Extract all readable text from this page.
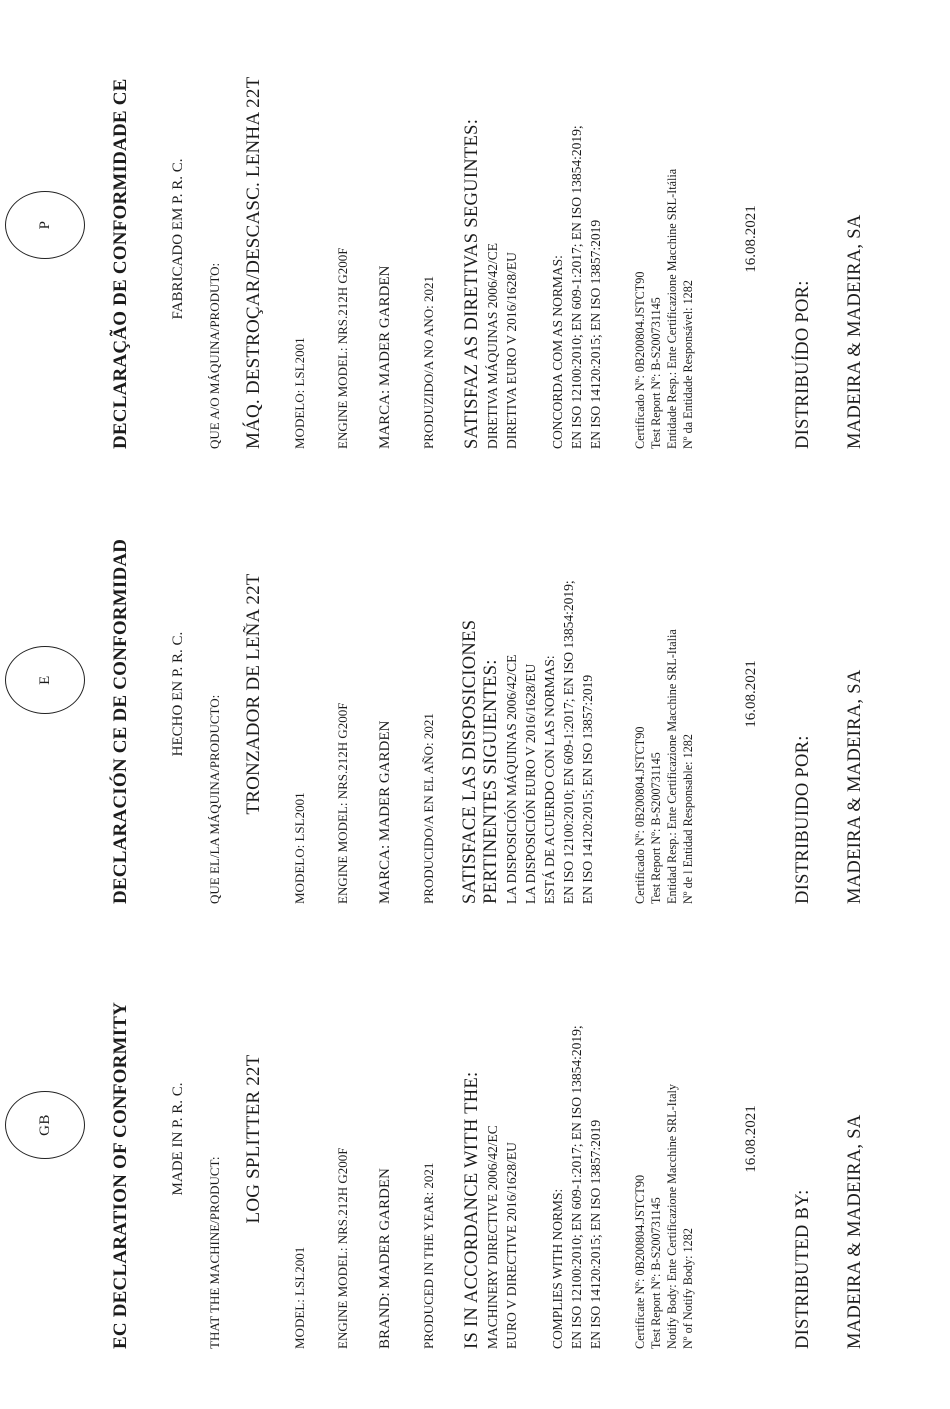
GB	EC DECLARATION OF CONFORMITY	MADE IN P. R. C.
THAT THE MACHINE/PRODUCT:
LOG SPLITTER 22T
MODEL: LSL2001 ENGINE MODEL: NRS.212H G200F BRAND: MADER GARDEN PRODUCED IN THE YEAR: 2021 IS IN ACCORDANCE WITH THE: MACHINERY DIRECTIVE 2006/42/EC EURO V DIRECTIVE 2016/1628/EU COMPLIES WITH NORMS: EN ISO 12100:2010; EN 609-1:2017; EN ISO 13854:2019; EN ISO 14120:2015; EN ISO 13857:2019 Certificate Nº: 0B200804.JSTCT90 Test Report Nº: B-S200731145 Notify Body: Ente Certificazione Macchine SRL-Italy Nº of Notify Body: 1282
16.08.2021
DISTRIBUTED BY: MADEIRA & MADEIRA, SA
E	DECLARACIÓN CE DE CONFORMIDAD	HECHO EN P. R. C.
QUE EL/LA MÁQUINA/PRODUCTO: TRONZADOR DE LEÑA 22T
MODELO: LSL2001 ENGINE MODEL: NRS.212H G200F MARCA: MADER GARDEN PRODUCIDO/A EN EL AÑO: 2021 SATISFACE LAS DISPOSICIONES PERTINENTES SIGUIENTES: LA DISPOSICIÓN MÁQUINAS 2006/42/CE LA DISPOSICIÓN EURO V 2016/1628/EU ESTÁ DE ACUERDO CON LAS NORMAS: EN ISO 12100:2010; EN 609-1:2017; EN ISO 13854:2019; EN ISO 14120:2015; EN ISO 13857:2019	Certificado Nº: 0B200804.JSTCT90 Test Report Nº: B-S200731145 Entidad Resp.: Ente Certificazione Macchine SRL-Italia Nº de l Entidad Responsable: 1282
16.08.2021
DISTRIBUIDO POR: MADEIRA & MADEIRA, SA
P	DECLARAÇÃO DE CONFORMIDADE CE	FABRICADO EM P. R. C.
QUE A/O MÁQUINA/PRODUTO: MÁQ. DESTROÇAR/DESCASC. LENHA 22T MODELO: LSL2001 ENGINE MODEL: NRS.212H G200F MARCA: MADER GARDEN PRODUZIDO/A NO ANO: 2021 SATISFAZ AS DIRETIVAS SEGUINTES: DIRETIVA MÁQUINAS 2006/42/CE DIRETIVA EURO V 2016/1628/EU CONCORDA COM AS NORMAS: EN ISO 12100:2010; EN 609-1:2017; EN ISO 13854:2019; EN ISO 14120:2015; EN ISO 13857:2019 Certificado Nº: 0B200804.JSTCT90 Test Report Nº: B-S200731145 Entidade Resp.: Ente Certificazione Macchine SRL-Itália Nº da Entidade Responsável: 1282
16.08.2021
DISTRIBUÍDO POR: MADEIRA & MADEIRA, SA
